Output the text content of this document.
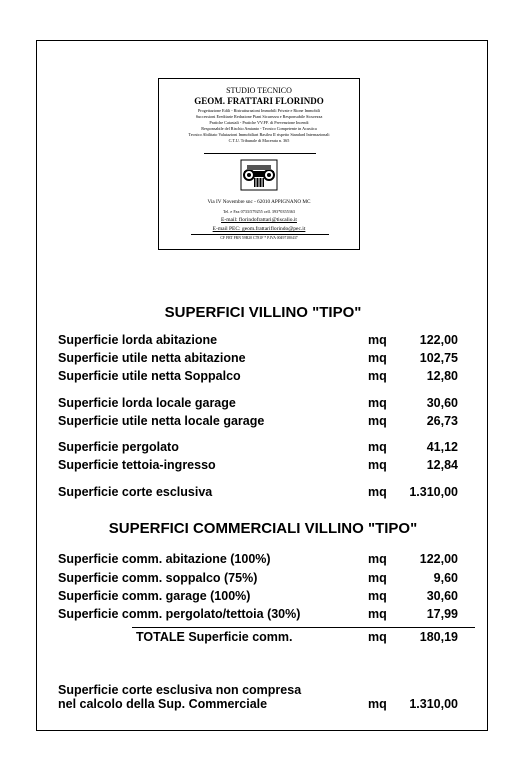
STUDIO TECNICO
GEOM. FRATTARI FLORINDO
Progettazione Edili - Ristrutturazioni Immobili Private e Rione Immobili
Successioni Ereditarie Redazione Piani Sicurezza e Responsabile Sicurezza
Pratiche Catastali - Pratiche VV.FF. di Prevenzione Incendi
Responsabile del Rischio Amianto - Tecnico Competente in Acustica
Tecnico Abilitato Valutazioni Immobiliari Basilea II rispetto Standard Internazionali
C.T.U. Tribunale di Macerata n. 365
Via IV Novembre snc - 62010 APPIGNANO MC
Tel. e Fax 0733/579255 cell. 393*0355363
E-mail: florindofrattari@tiscalio.it
E-mail PEC: geom.frattariflorindo@pec.it
CF FRT FRN 59B20 C781F * P.IVA 00497180437
SUPERFICI VILLINO "TIPO"
Superficie lorda abitazione	mq	122,00
Superficie utile netta abitazione	mq	102,75
Superficie utile netta Soppalco	mq	12,80
Superficie lorda locale garage	mq	30,60
Superficie utile netta locale garage	mq	26,73
Superficie pergolato	mq	41,12
Superficie tettoia-ingresso	mq	12,84
Superficie corte esclusiva	mq 1.310,00
SUPERFICI COMMERCIALI VILLINO "TIPO"
Superficie comm. abitazione (100%)	mq	122,00
Superficie comm. soppalco (75%)	mq	9,60
Superficie comm. garage (100%)	mq	30,60
Superficie comm. pergolato/tettoia (30%)	mq	17,99
TOTALE Superficie comm.	mq	180,19
Superficie corte esclusiva non compresa
nel calcolo della Sup. Commerciale	mq 1.310,00
